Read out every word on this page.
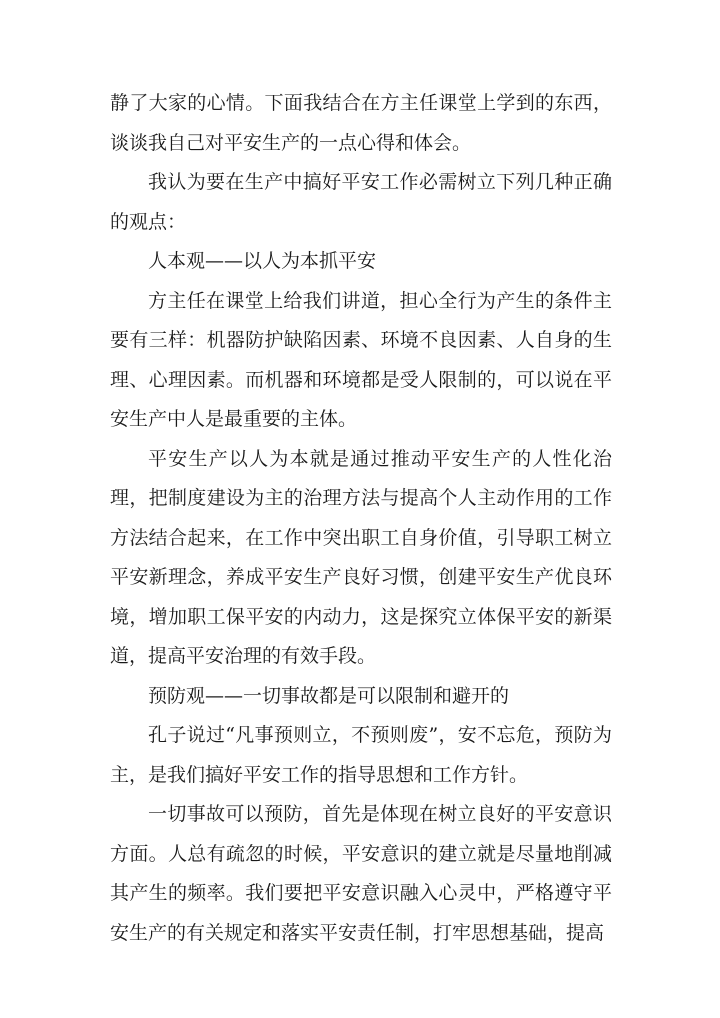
静了大家的心情。下面我结合在方主任课堂上学到的东西，谈谈我自己对平安生产的一点心得和体会。

我认为要在生产中搞好平安工作必需树立下列几种正确的观点：

人本观——以人为本抓平安

方主任在课堂上给我们讲道，担心全行为产生的条件主要有三样：机器防护缺陷因素、环境不良因素、人自身的生理、心理因素。而机器和环境都是受人限制的，可以说在平安生产中人是最重要的主体。

平安生产以人为本就是通过推动平安生产的人性化治理，把制度建设为主的治理方法与提高个人主动作用的工作方法结合起来，在工作中突出职工自身价值，引导职工树立平安新理念，养成平安生产良好习惯，创建平安生产优良环境，增加职工保平安的内动力，这是探究立体保平安的新渠道，提高平安治理的有效手段。

预防观——一切事故都是可以限制和避开的

孔子说过“凡事预则立，不预则废”，安不忘危，预防为主，是我们搞好平安工作的指导思想和工作方针。

一切事故可以预防，首先是体现在树立良好的平安意识方面。人总有疏忽的时候，平安意识的建立就是尽量地削减其产生的频率。我们要把平安意识融入心灵中，严格遵守平安生产的有关规定和落实平安责任制，打牢思想基础，提高
